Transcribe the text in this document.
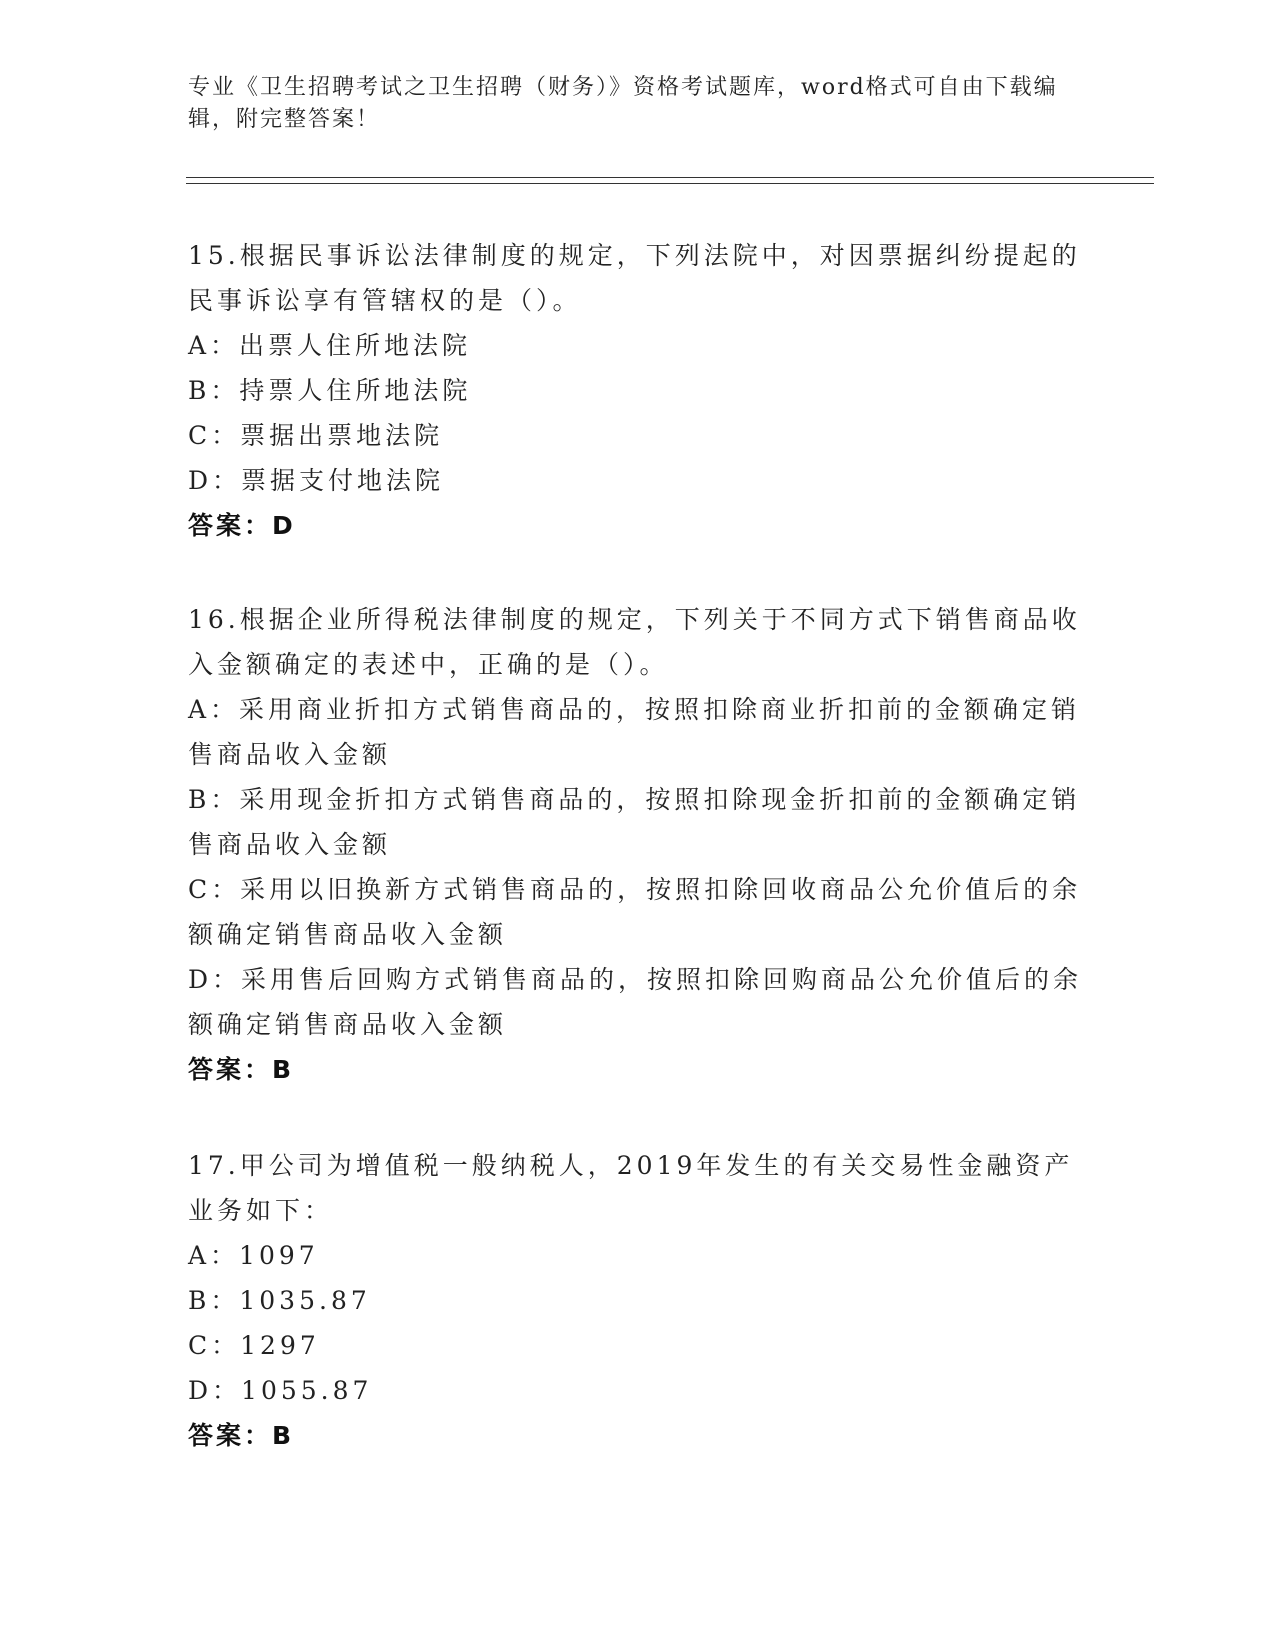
专业《卫生招聘考试之卫生招聘（财务）》资格考试题库，word格式可自由下载编辑，附完整答案！

15.根据民事诉讼法律制度的规定，下列法院中，对因票据纠纷提起的民事诉讼享有管辖权的是（）。

A：出票人住所地法院

B：持票人住所地法院

C：票据出票地法院

D：票据支付地法院

答案：D

16.根据企业所得税法律制度的规定，下列关于不同方式下销售商品收入金额确定的表述中，正确的是（）。

A：采用商业折扣方式销售商品的，按照扣除商业折扣前的金额确定销售商品收入金额

B：采用现金折扣方式销售商品的，按照扣除现金折扣前的金额确定销售商品收入金额

C：采用以旧换新方式销售商品的，按照扣除回收商品公允价值后的余额确定销售商品收入金额

D：采用售后回购方式销售商品的，按照扣除回购商品公允价值后的余额确定销售商品收入金额

答案：B

17.甲公司为增值税一般纳税人，2019年发生的有关交易性金融资产业务如下：

A：1097

B：1035.87

C：1297

D：1055.87

答案：B
